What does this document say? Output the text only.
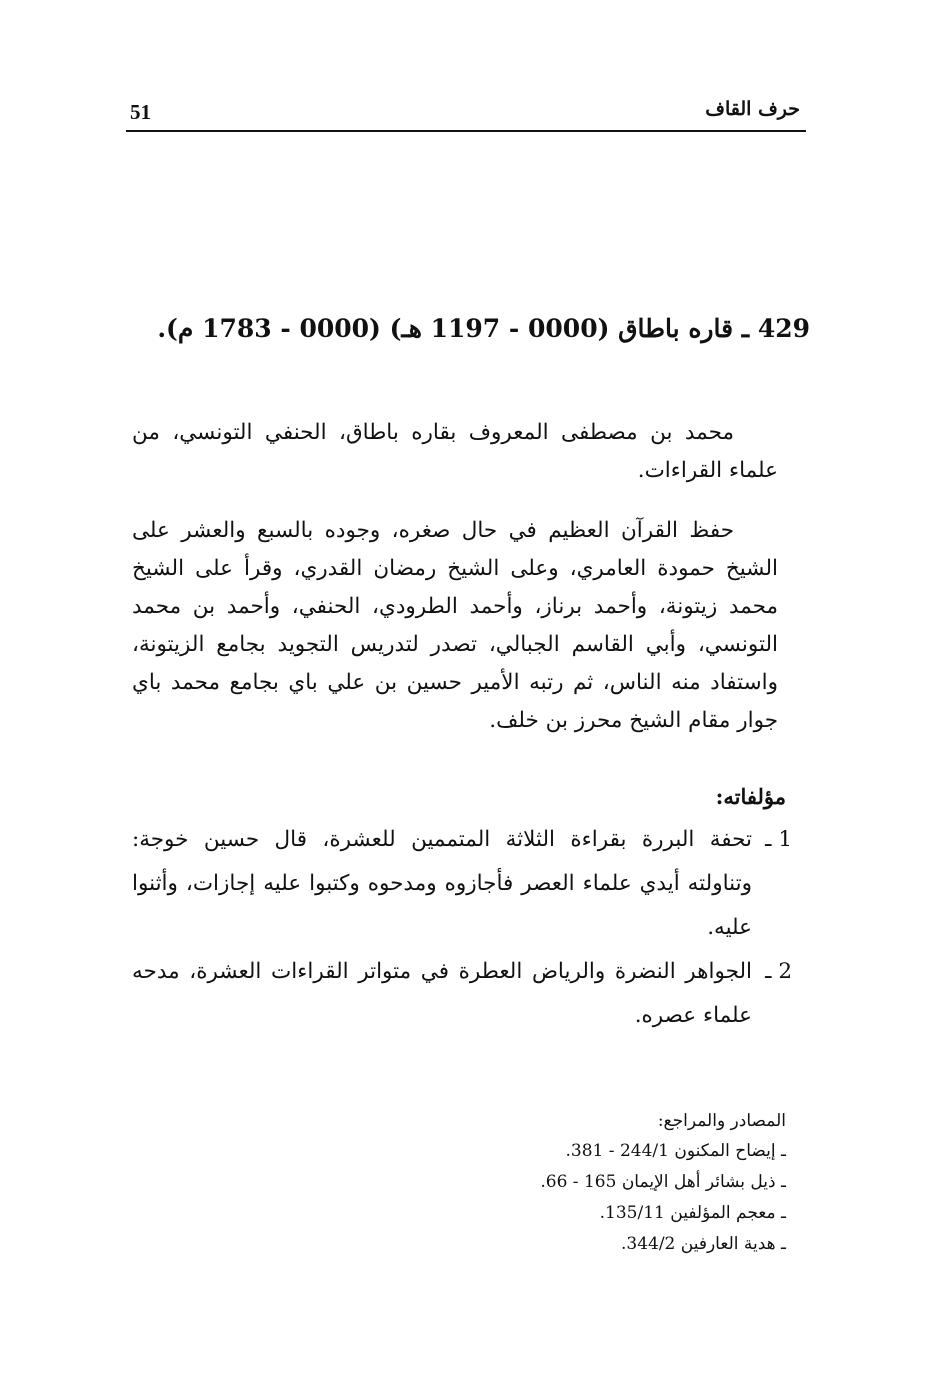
51	حرف القاف
429 ـ قاره باطاق (0000 - 1197 هـ) (0000 - 1783 م).
محمد بن مصطفى المعروف بقاره باطاق، الحنفي التونسي، من علماء القراءات.
حفظ القرآن العظيم في حال صغره، وجوده بالسبع والعشر على الشيخ حمودة العامري، وعلى الشيخ رمضان القدري، وقرأ على الشيخ محمد زيتونة، وأحمد برناز، وأحمد الطرودي، الحنفي، وأحمد بن محمد التونسي، وأبي القاسم الجبالي، تصدر لتدريس التجويد بجامع الزيتونة، واستفاد منه الناس، ثم رتبه الأمير حسين بن علي باي بجامع محمد باي جوار مقام الشيخ محرز بن خلف.
مؤلفاته:
1 ـ
تحفة البررة بقراءة الثلاثة المتممين للعشرة، قال حسين خوجة: وتناولته أيدي علماء العصر فأجازوه ومدحوه وكتبوا عليه إجازات، وأثنوا عليه.
2 ـ
الجواهر النضرة والرياض العطرة في متواتر القراءات العشرة، مدحه علماء عصره.
المصادر والمراجع:
ـ إيضاح المكنون 244/1 - 381.
ـ ذيل بشائر أهل الإيمان 165 - 66.
ـ معجم المؤلفين 135/11.
ـ هدية العارفين 344/2.
